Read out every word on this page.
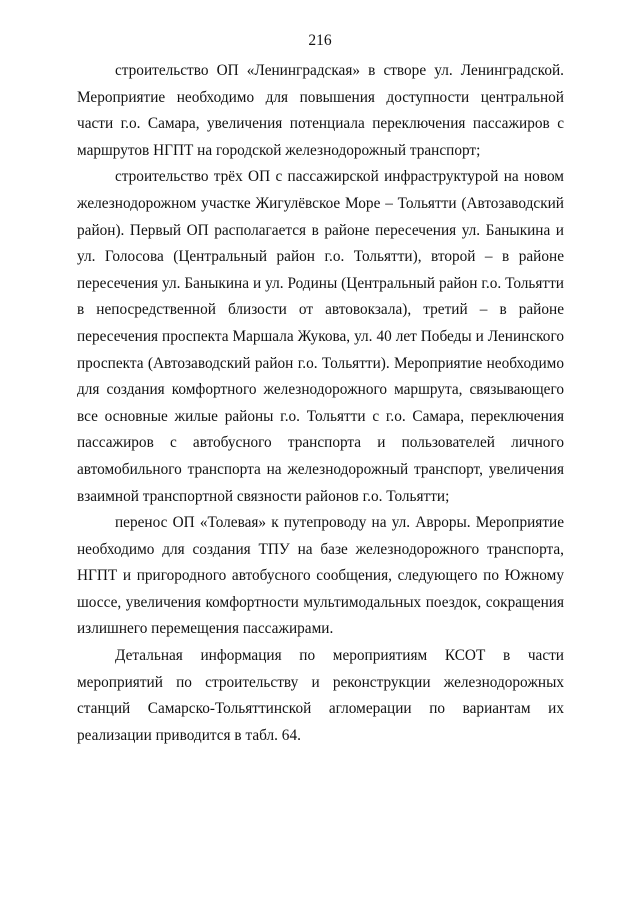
216

строительство ОП «Ленинградская» в створе ул. Ленинградской. Мероприятие необходимо для повышения доступности центральной части г.о. Самара, увеличения потенциала переключения пассажиров с маршрутов НГПТ на городской железнодорожный транспорт;

строительство трёх ОП с пассажирской инфраструктурой на новом железнодорожном участке Жигулёвское Море – Тольятти (Автозаводский район). Первый ОП располагается в районе пересечения ул. Баныкина и ул. Голосова (Центральный район г.о. Тольятти), второй – в районе пересечения ул. Баныкина и ул. Родины (Центральный район г.о. Тольятти в непосредственной близости от автовокзала), третий – в районе пересечения проспекта Маршала Жукова, ул. 40 лет Победы и Ленинского проспекта (Автозаводский район г.о. Тольятти). Мероприятие необходимо для создания комфортного железнодорожного маршрута, связывающего все основные жилые районы г.о. Тольятти с г.о. Самара, переключения пассажиров с автобусного транспорта и пользователей личного автомобильного транспорта на железнодорожный транспорт, увеличения взаимной транспортной связности районов г.о. Тольятти;

перенос ОП «Толевая» к путепроводу на ул. Авроры. Мероприятие необходимо для создания ТПУ на базе железнодорожного транспорта, НГПТ и пригородного автобусного сообщения, следующего по Южному шоссе, увеличения комфортности мультимодальных поездок, сокращения излишнего перемещения пассажирами.

Детальная информация по мероприятиям КСОТ в части мероприятий по строительству и реконструкции железнодорожных станций Самарско-Тольяттинской агломерации по вариантам их реализации приводится в табл. 64.
